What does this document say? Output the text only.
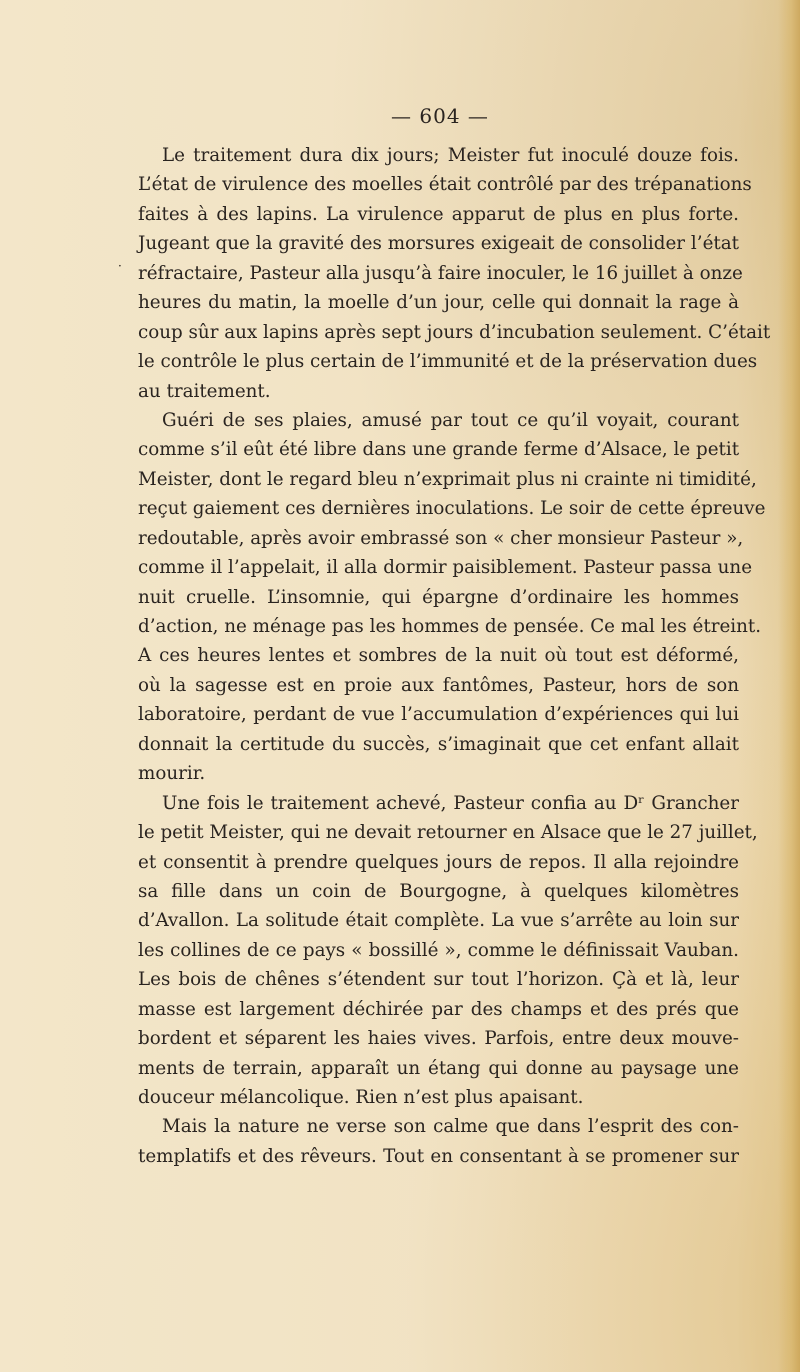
— 604 —
·
Le traitement dura dix jours; Meister fut inoculé douze fois.
L’état de virulence des moelles était contrôlé par des trépanations
faites à des lapins. La virulence apparut de plus en plus forte.
Jugeant que la gravité des morsures exigeait de consolider l’état
réfractaire, Pasteur alla jusqu’à faire inoculer, le 16 juillet à onze
heures du matin, la moelle d’un jour, celle qui donnait la rage à
coup sûr aux lapins après sept jours d’incubation seulement. C’était
le contrôle le plus certain de l’immunité et de la préservation dues
au traitement.
Guéri de ses plaies, amusé par tout ce qu’il voyait, courant
comme s’il eût été libre dans une grande ferme d’Alsace, le petit
Meister, dont le regard bleu n’exprimait plus ni crainte ni timidité,
reçut gaiement ces dernières inoculations. Le soir de cette épreuve
redoutable, après avoir embrassé son « cher monsieur Pasteur »,
comme il l’appelait, il alla dormir paisiblement. Pasteur passa une
nuit cruelle. L’insomnie, qui épargne d’ordinaire les hommes
d’action, ne ménage pas les hommes de pensée. Ce mal les étreint.
A ces heures lentes et sombres de la nuit où tout est déformé,
où la sagesse est en proie aux fantômes, Pasteur, hors de son
laboratoire, perdant de vue l’accumulation d’expériences qui lui
donnait la certitude du succès, s’imaginait que cet enfant allait
mourir.
Une fois le traitement achevé, Pasteur confia au Dʳ Grancher
le petit Meister, qui ne devait retourner en Alsace que le 27 juillet,
et consentit à prendre quelques jours de repos. Il alla rejoindre
sa fille dans un coin de Bourgogne, à quelques kilomètres
d’Avallon. La solitude était complète. La vue s’arrête au loin sur
les collines de ce pays « bossillé », comme le définissait Vauban.
Les bois de chênes s’étendent sur tout l’horizon. Çà et là, leur
masse est largement déchirée par des champs et des prés que
bordent et séparent les haies vives. Parfois, entre deux mouve-
ments de terrain, apparaît un étang qui donne au paysage une
douceur mélancolique. Rien n’est plus apaisant.
Mais la nature ne verse son calme que dans l’esprit des con-
templatifs et des rêveurs. Tout en consentant à se promener sur
